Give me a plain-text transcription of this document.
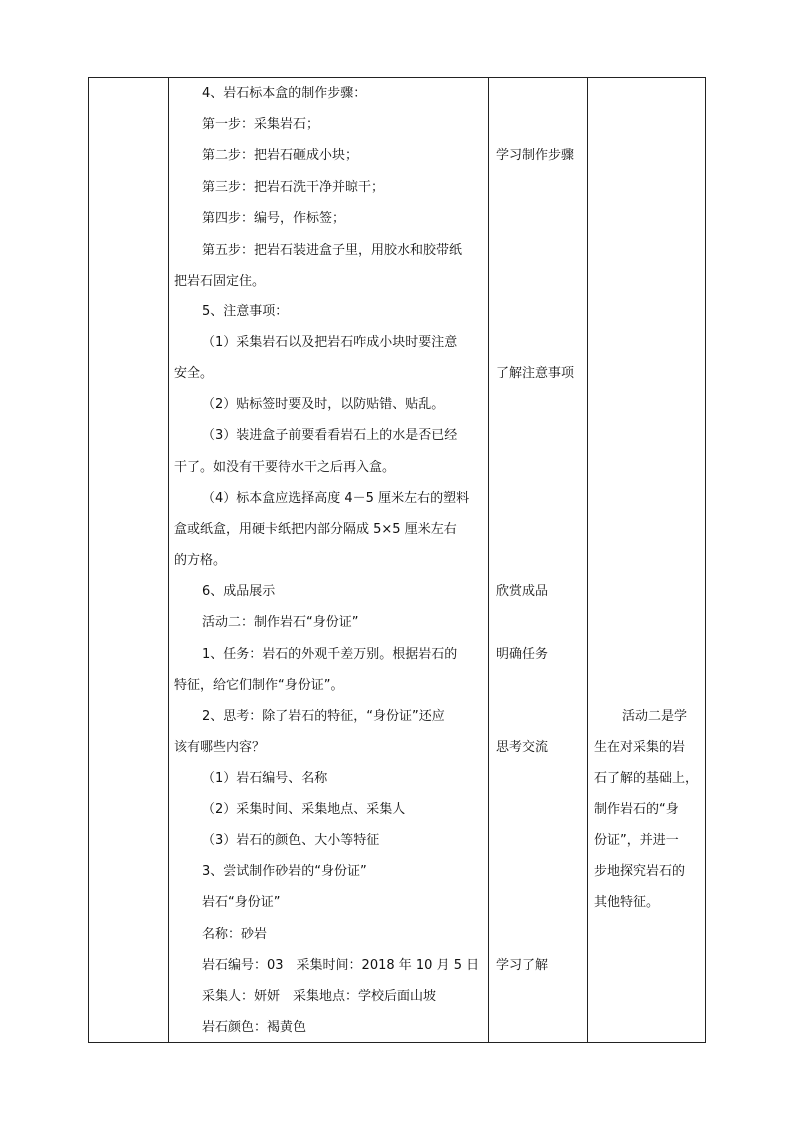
4、岩石标本盒的制作步骤：
第一步：采集岩石；
第二步：把岩石砸成小块；
第三步：把岩石洗干净并晾干；
第四步：编号，作标签；
第五步：把岩石装进盒子里，用胶水和胶带纸
把岩石固定住。
5、注意事项：
（1）采集岩石以及把岩石咋成小块时要注意
安全。
（2）贴标签时要及时，以防贴错、贴乱。
（3）装进盒子前要看看岩石上的水是否已经
干了。如没有干要待水干之后再入盒。
（4）标本盒应选择高度 4－5 厘米左右的塑料
盒或纸盒，用硬卡纸把内部分隔成 5×5 厘米左右
的方格。
6、成品展示
活动二：制作岩石“身份证”
1、任务：岩石的外观千差万别。根据岩石的
特征，给它们制作“身份证”。
2、思考：除了岩石的特征，“身份证”还应
该有哪些内容？
（1）岩石编号、名称
（2）采集时间、采集地点、采集人
（3）岩石的颜色、大小等特征
3、尝试制作砂岩的“身份证”
岩石“身份证”
名称：砂岩
岩石编号：03　采集时间：2018 年 10 月 5 日
采集人：妍妍　采集地点：学校后面山坡
岩石颜色：褐黄色
学习制作步骤
了解注意事项
欣赏成品
明确任务
思考交流
学习了解
活动二是学
生在对采集的岩
石了解的基础上，
制作岩石的“身
份证”，并进一
步地探究岩石的
其他特征。
